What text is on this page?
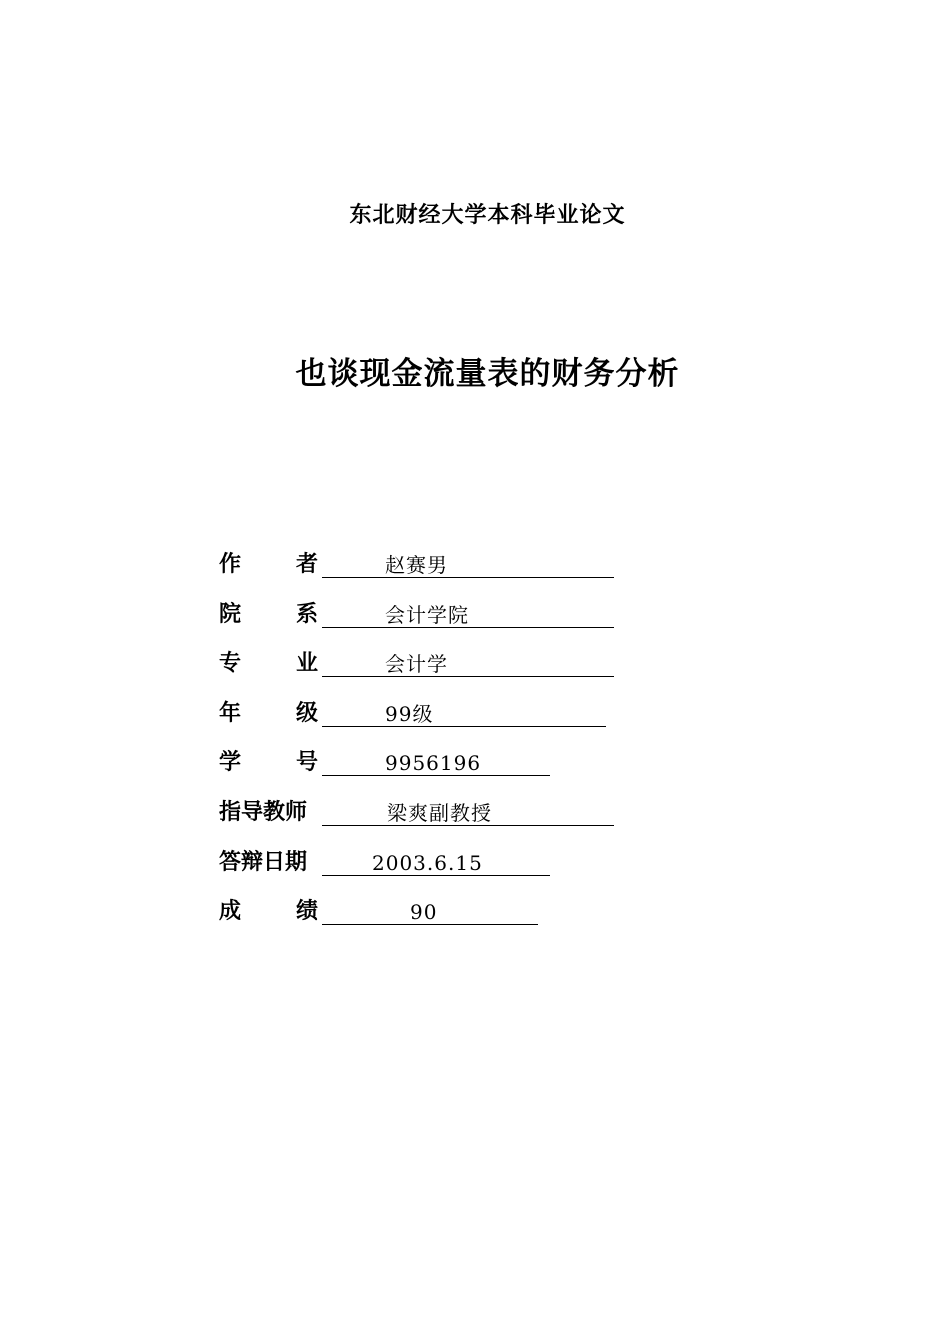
东北财经大学本科毕业论文
也谈现金流量表的财务分析
作 者	赵赛男
院 系	会计学院
专 业	会计学
年 级	99级
学 号	9956196
指导教师	梁爽副教授
答辩日期	2003.6.15
成 绩	90
